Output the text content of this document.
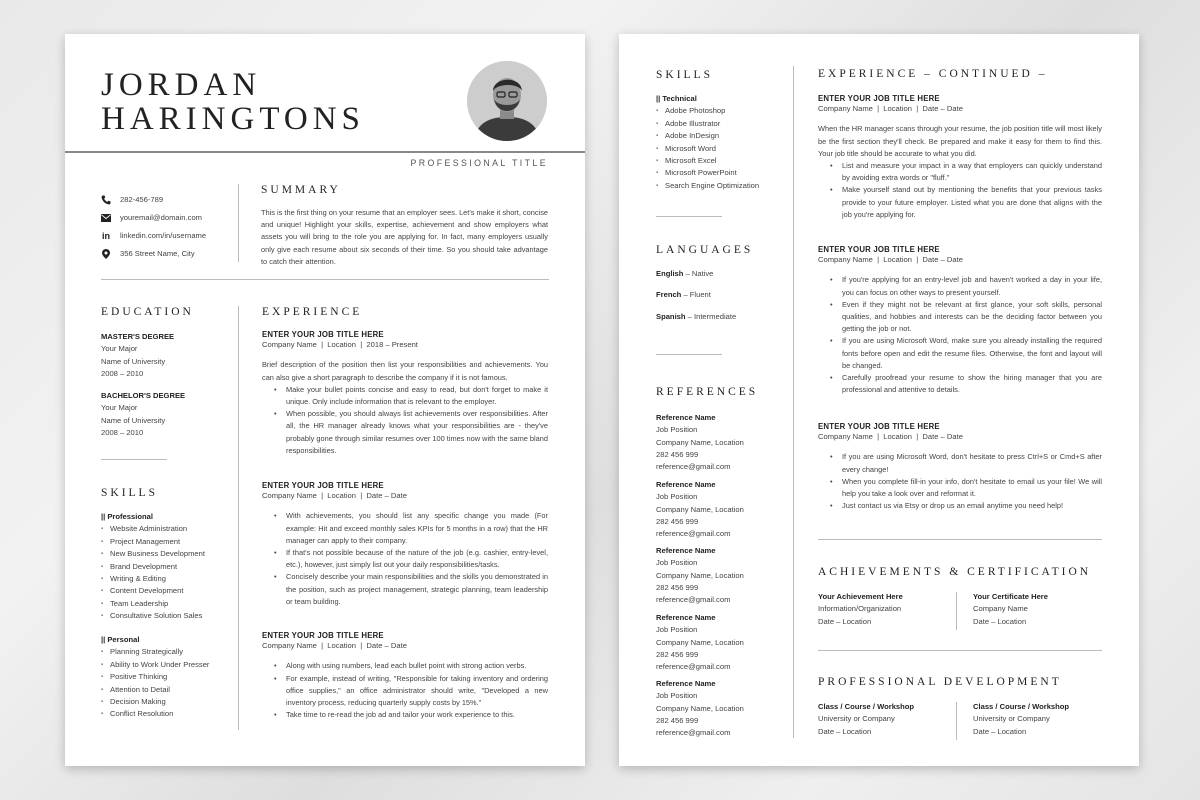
JORDAN
HARINGTONS
PROFESSIONAL TITLE
282-456-789
youremail@domain.com
in linkedin.com/in/username
356 Street Name, City
SUMMARY
This is the first thing on your resume that an employer sees. Let's make it short, concise and unique! Highlight your skills, expertise, achievement and show employers what assets you will bring to the role you are applying for. In fact, many employers usually only give each resume about six seconds of their time. So you should take advantage to catch their attention.
EDUCATION
MASTER'S DEGREE
Your Major
Name of University
2008 – 2010
BACHELOR'S DEGREE
Your Major
Name of University
2008 – 2010
SKILLS
|| Professional
▪ Website Administration
▪ Project Management
▪ New Business Development
▪ Brand Development
▪ Writing & Editing
▪ Content Development
▪ Team Leadership
▪ Consultative Solution Sales
|| Personal
▪ Planning Strategically
▪ Ability to Work Under Presser
▪ Positive Thinking
▪ Attention to Detail
▪ Decision Making
▪ Conflict Resolution
EXPERIENCE
ENTER YOUR JOB TITLE HERE
Company Name  |  Location  |  2018 – Present
Brief description of the position then list your responsibilities and achievements. You can also give a short paragraph to describe the company if it is not famous.
• Make your bullet points concise and easy to read, but don't forget to make it unique. Only include information that is relevant to the employer.
• When possible, you should always list achievements over responsibilities. After all, the HR manager already knows what your responsibilities are - they've probably gone through similar resumes over 100 times now with the same bland responsibilities.
ENTER YOUR JOB TITLE HERE
Company Name  |  Location  |  Date – Date
• With achievements, you should list any specific change you made (For example: Hit and exceed monthly sales KPIs for 5 months in a row) that the HR manager can apply to their company.
• If that's not possible because of the nature of the job (e.g. cashier, entry-level, etc.), however, just simply list out your daily responsibilities/tasks.
• Concisely describe your main responsibilities and the skills you demonstrated in the position, such as project management, strategic planning, team leadership or team building.
ENTER YOUR JOB TITLE HERE
Company Name  |  Location  |  Date – Date
• Along with using numbers, lead each bullet point with strong action verbs.
• For example, instead of writing, "Responsible for taking inventory and ordering office supplies," an office administrator should write, "Developed a new inventory process, reducing quarterly supply costs by 15%."
• Take time to re-read the job ad and tailor your work experience to this.
SKILLS
|| Technical
▪ Adobe Photoshop
▪ Adobe Illustrator
▪ Adobe InDesign
▪ Microsoft Word
▪ Microsoft Excel
▪ Microsoft PowerPoint
▪ Search Engine Optimization
LANGUAGES
English – Native
French – Fluent
Spanish – Intermediate
REFERENCES
Reference Name
Job Position
Company Name, Location
282 456 999
reference@gmail.com
Reference Name
Job Position
Company Name, Location
282 456 999
reference@gmail.com
Reference Name
Job Position
Company Name, Location
282 456 999
reference@gmail.com
Reference Name
Job Position
Company Name, Location
282 456 999
reference@gmail.com
Reference Name
Job Position
Company Name, Location
282 456 999
reference@gmail.com
EXPERIENCE – CONTINUED –
ENTER YOUR JOB TITLE HERE
Company Name  |  Location  |  Date – Date
When the HR manager scans through your resume, the job position title will most likely be the first section they'll check. Be prepared and make it easy for them to find this. Your job title should be accurate to what you did.
• List and measure your impact in a way that employers can quickly understand by avoiding extra words or "fluff."
• Make yourself stand out by mentioning the benefits that your previous tasks provide to your future employer. Listed what you are done that aligns with the job you're applying for.
ENTER YOUR JOB TITLE HERE
Company Name  |  Location  |  Date – Date
• If you're applying for an entry-level job and haven't worked a day in your life, you can focus on other ways to present yourself.
• Even if they might not be relevant at first glance, your soft skills, personal qualities, and hobbies and interests can be the deciding factor between you getting the job or not.
• If you are using Microsoft Word, make sure you already installing the required fonts before open and edit the resume files. Otherwise, the font and layout will be changed.
• Carefully proofread your resume to show the hiring manager that you are professional and attentive to details.
ENTER YOUR JOB TITLE HERE
Company Name  |  Location  |  Date – Date
• If you are using Microsoft Word, don't hesitate to press Ctrl+S or Cmd+S after every change!
• When you complete fill-in your info, don't hesitate to email us your file! We will help you take a look over and reformat it.
• Just contact us via Etsy or drop us an email anytime you need help!
ACHIEVEMENTS & CERTIFICATION
Your Achievement Here
Information/Organization
Date – Location
Your Certificate Here
Company Name
Date – Location
PROFESSIONAL DEVELOPMENT
Class / Course / Workshop
University or Company
Date – Location
Class / Course / Workshop
University or Company
Date – Location
